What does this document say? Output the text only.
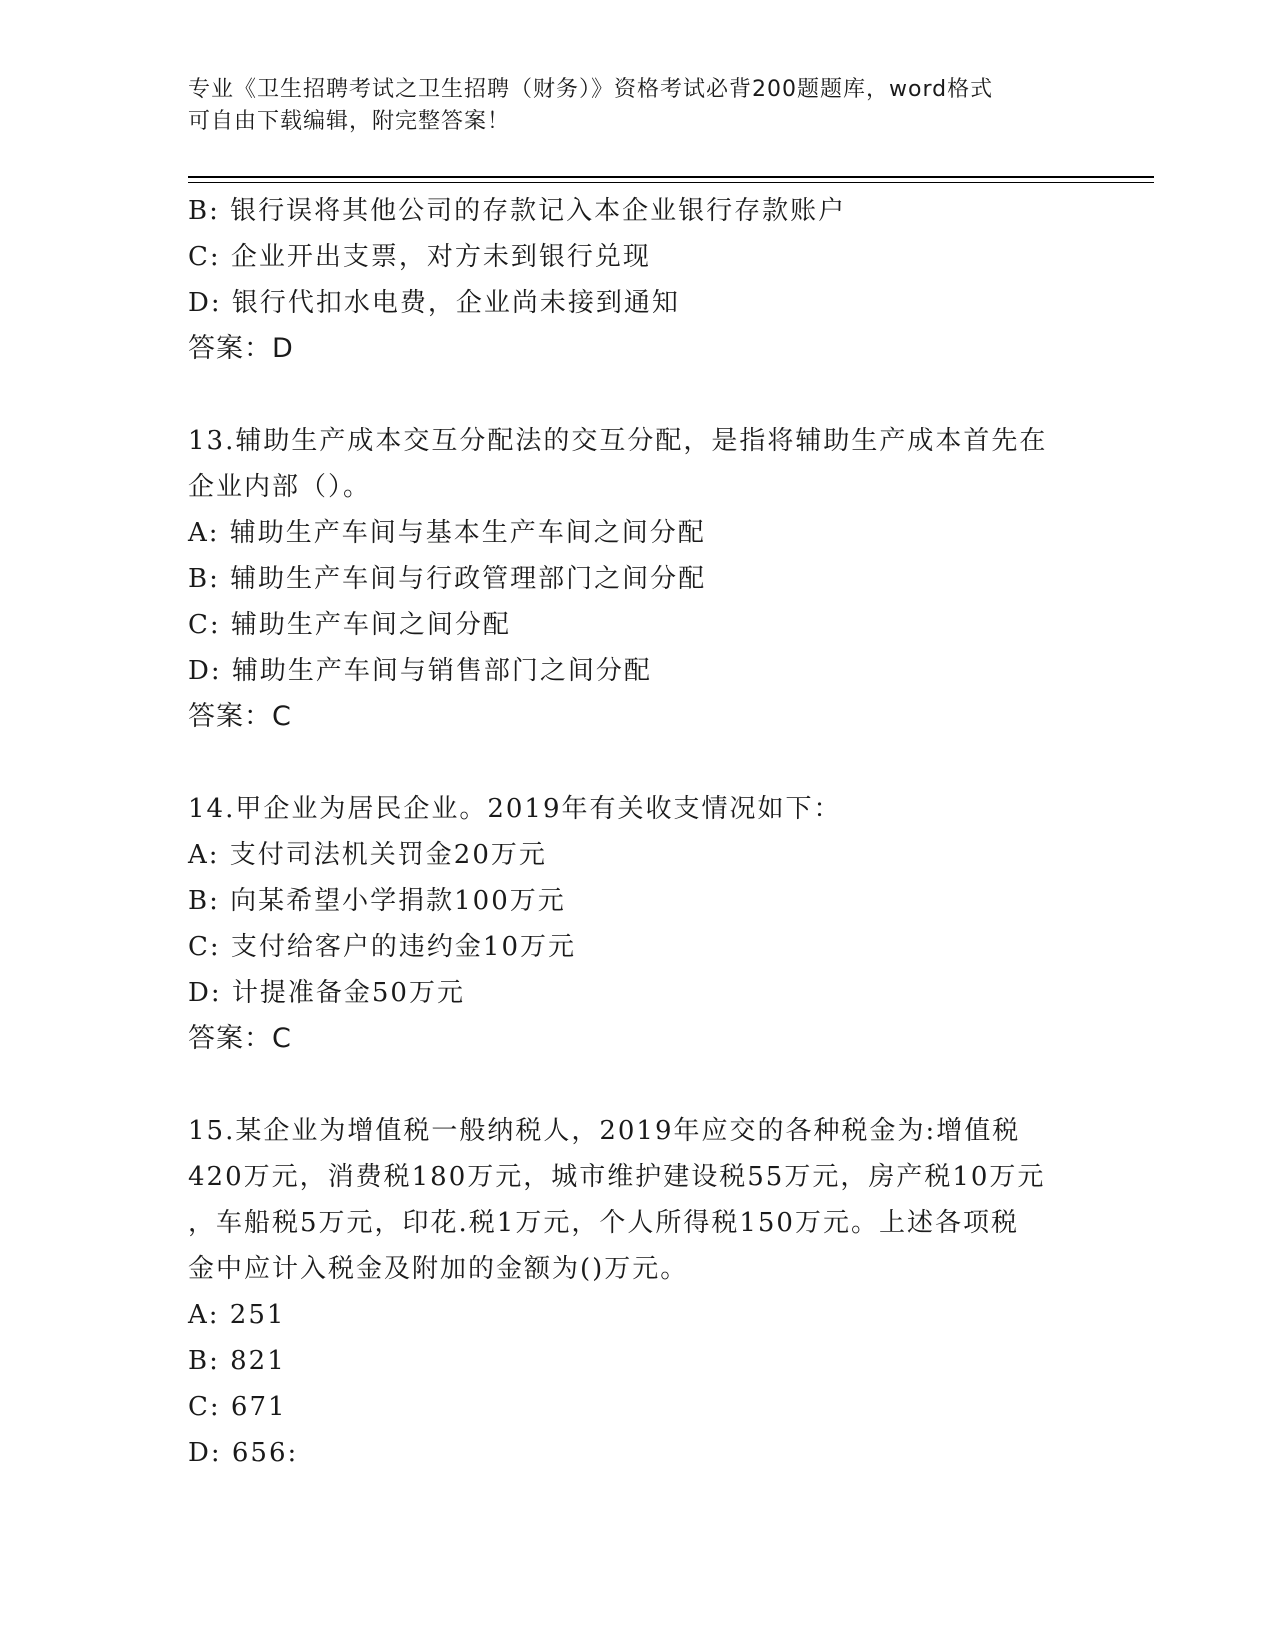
专业《卫生招聘考试之卫生招聘（财务）》资格考试必背200题题库，word格式
可自由下载编辑，附完整答案！
B: 银行误将其他公司的存款记入本企业银行存款账户
C: 企业开出支票，对方未到银行兑现
D: 银行代扣水电费，企业尚未接到通知
答案：D
13.辅助生产成本交互分配法的交互分配，是指将辅助生产成本首先在
企业内部（）。
A: 辅助生产车间与基本生产车间之间分配
B: 辅助生产车间与行政管理部门之间分配
C: 辅助生产车间之间分配
D: 辅助生产车间与销售部门之间分配
答案：C
14.甲企业为居民企业。2019年有关收支情况如下：
A: 支付司法机关罚金20万元
B: 向某希望小学捐款100万元
C: 支付给客户的违约金10万元
D: 计提准备金50万元
答案：C
15.某企业为增值税一般纳税人，2019年应交的各种税金为:增值税
420万元，消费税180万元，城市维护建设税55万元，房产税10万元
，车船税5万元，印花.税1万元，个人所得税150万元。上述各项税
金中应计入税金及附加的金额为()万元。
A: 251
B: 821
C: 671
D: 656:
